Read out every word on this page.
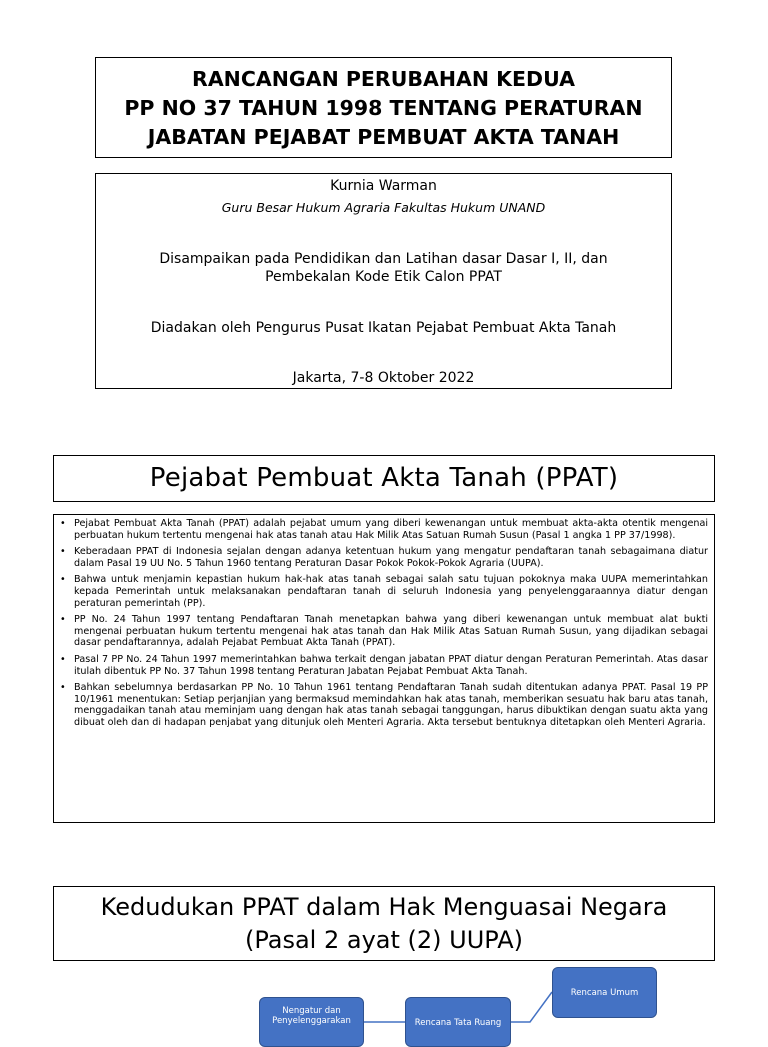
RANCANGAN PERUBAHAN KEDUA
PP NO 37 TAHUN 1998 TENTANG PERATURAN
JABATAN PEJABAT PEMBUAT AKTA TANAH
Kurnia Warman
Guru Besar Hukum Agraria Fakultas Hukum UNAND
Disampaikan pada Pendidikan dan Latihan dasar Dasar I, II, dan Pembekalan Kode Etik Calon PPAT
Diadakan oleh Pengurus Pusat Ikatan Pejabat Pembuat Akta Tanah
Jakarta, 7-8 Oktober 2022
Pejabat Pembuat Akta Tanah (PPAT)
• Pejabat Pembuat Akta Tanah (PPAT) adalah pejabat umum yang diberi kewenangan untuk membuat akta-akta otentik mengenai perbuatan hukum tertentu mengenai hak atas tanah atau Hak Milik Atas Satuan Rumah Susun (Pasal 1 angka 1 PP 37/1998).
• Keberadaan PPAT di Indonesia sejalan dengan adanya ketentuan hukum yang mengatur pendaftaran tanah sebagaimana diatur dalam Pasal 19 UU No. 5 Tahun 1960 tentang Peraturan Dasar Pokok Pokok-Pokok Agraria (UUPA).
• Bahwa untuk menjamin kepastian hukum hak-hak atas tanah sebagai salah satu tujuan pokoknya maka UUPA memerintahkan kepada Pemerintah untuk melaksanakan pendaftaran tanah di seluruh Indonesia yang penyelenggaraannya diatur dengan peraturan pemerintah (PP).
• PP No. 24 Tahun 1997 tentang Pendaftaran Tanah menetapkan bahwa yang diberi kewenangan untuk membuat alat bukti mengenai perbuatan hukum tertentu mengenai hak atas tanah dan Hak Milik Atas Satuan Rumah Susun, yang dijadikan sebagai dasar pendaftarannya, adalah Pejabat Pembuat Akta Tanah (PPAT).
• Pasal 7 PP No. 24 Tahun 1997 memerintahkan bahwa terkait dengan jabatan PPAT diatur dengan Peraturan Pemerintah. Atas dasar itulah dibentuk PP No. 37 Tahun 1998 tentang Peraturan Jabatan Pejabat Pembuat Akta Tanah.
• Bahkan sebelumnya berdasarkan PP No. 10 Tahun 1961 tentang Pendaftaran Tanah sudah ditentukan adanya PPAT. Pasal 19 PP 10/1961 menentukan: Setiap perjanjian yang bermaksud memindahkan hak atas tanah, memberikan sesuatu hak baru atas tanah, menggadaikan tanah atau meminjam uang dengan hak atas tanah sebagai tanggungan, harus dibuktikan dengan suatu akta yang dibuat oleh dan di hadapan penjabat yang ditunjuk oleh Menteri Agraria. Akta tersebut bentuknya ditetapkan oleh Menteri Agraria.
Kedudukan PPAT dalam Hak Menguasai Negara
(Pasal 2 ayat (2) UUPA)
Rencana Umum
Rencana Tata Ruang
Nengatur dan Penyelenggarakan
